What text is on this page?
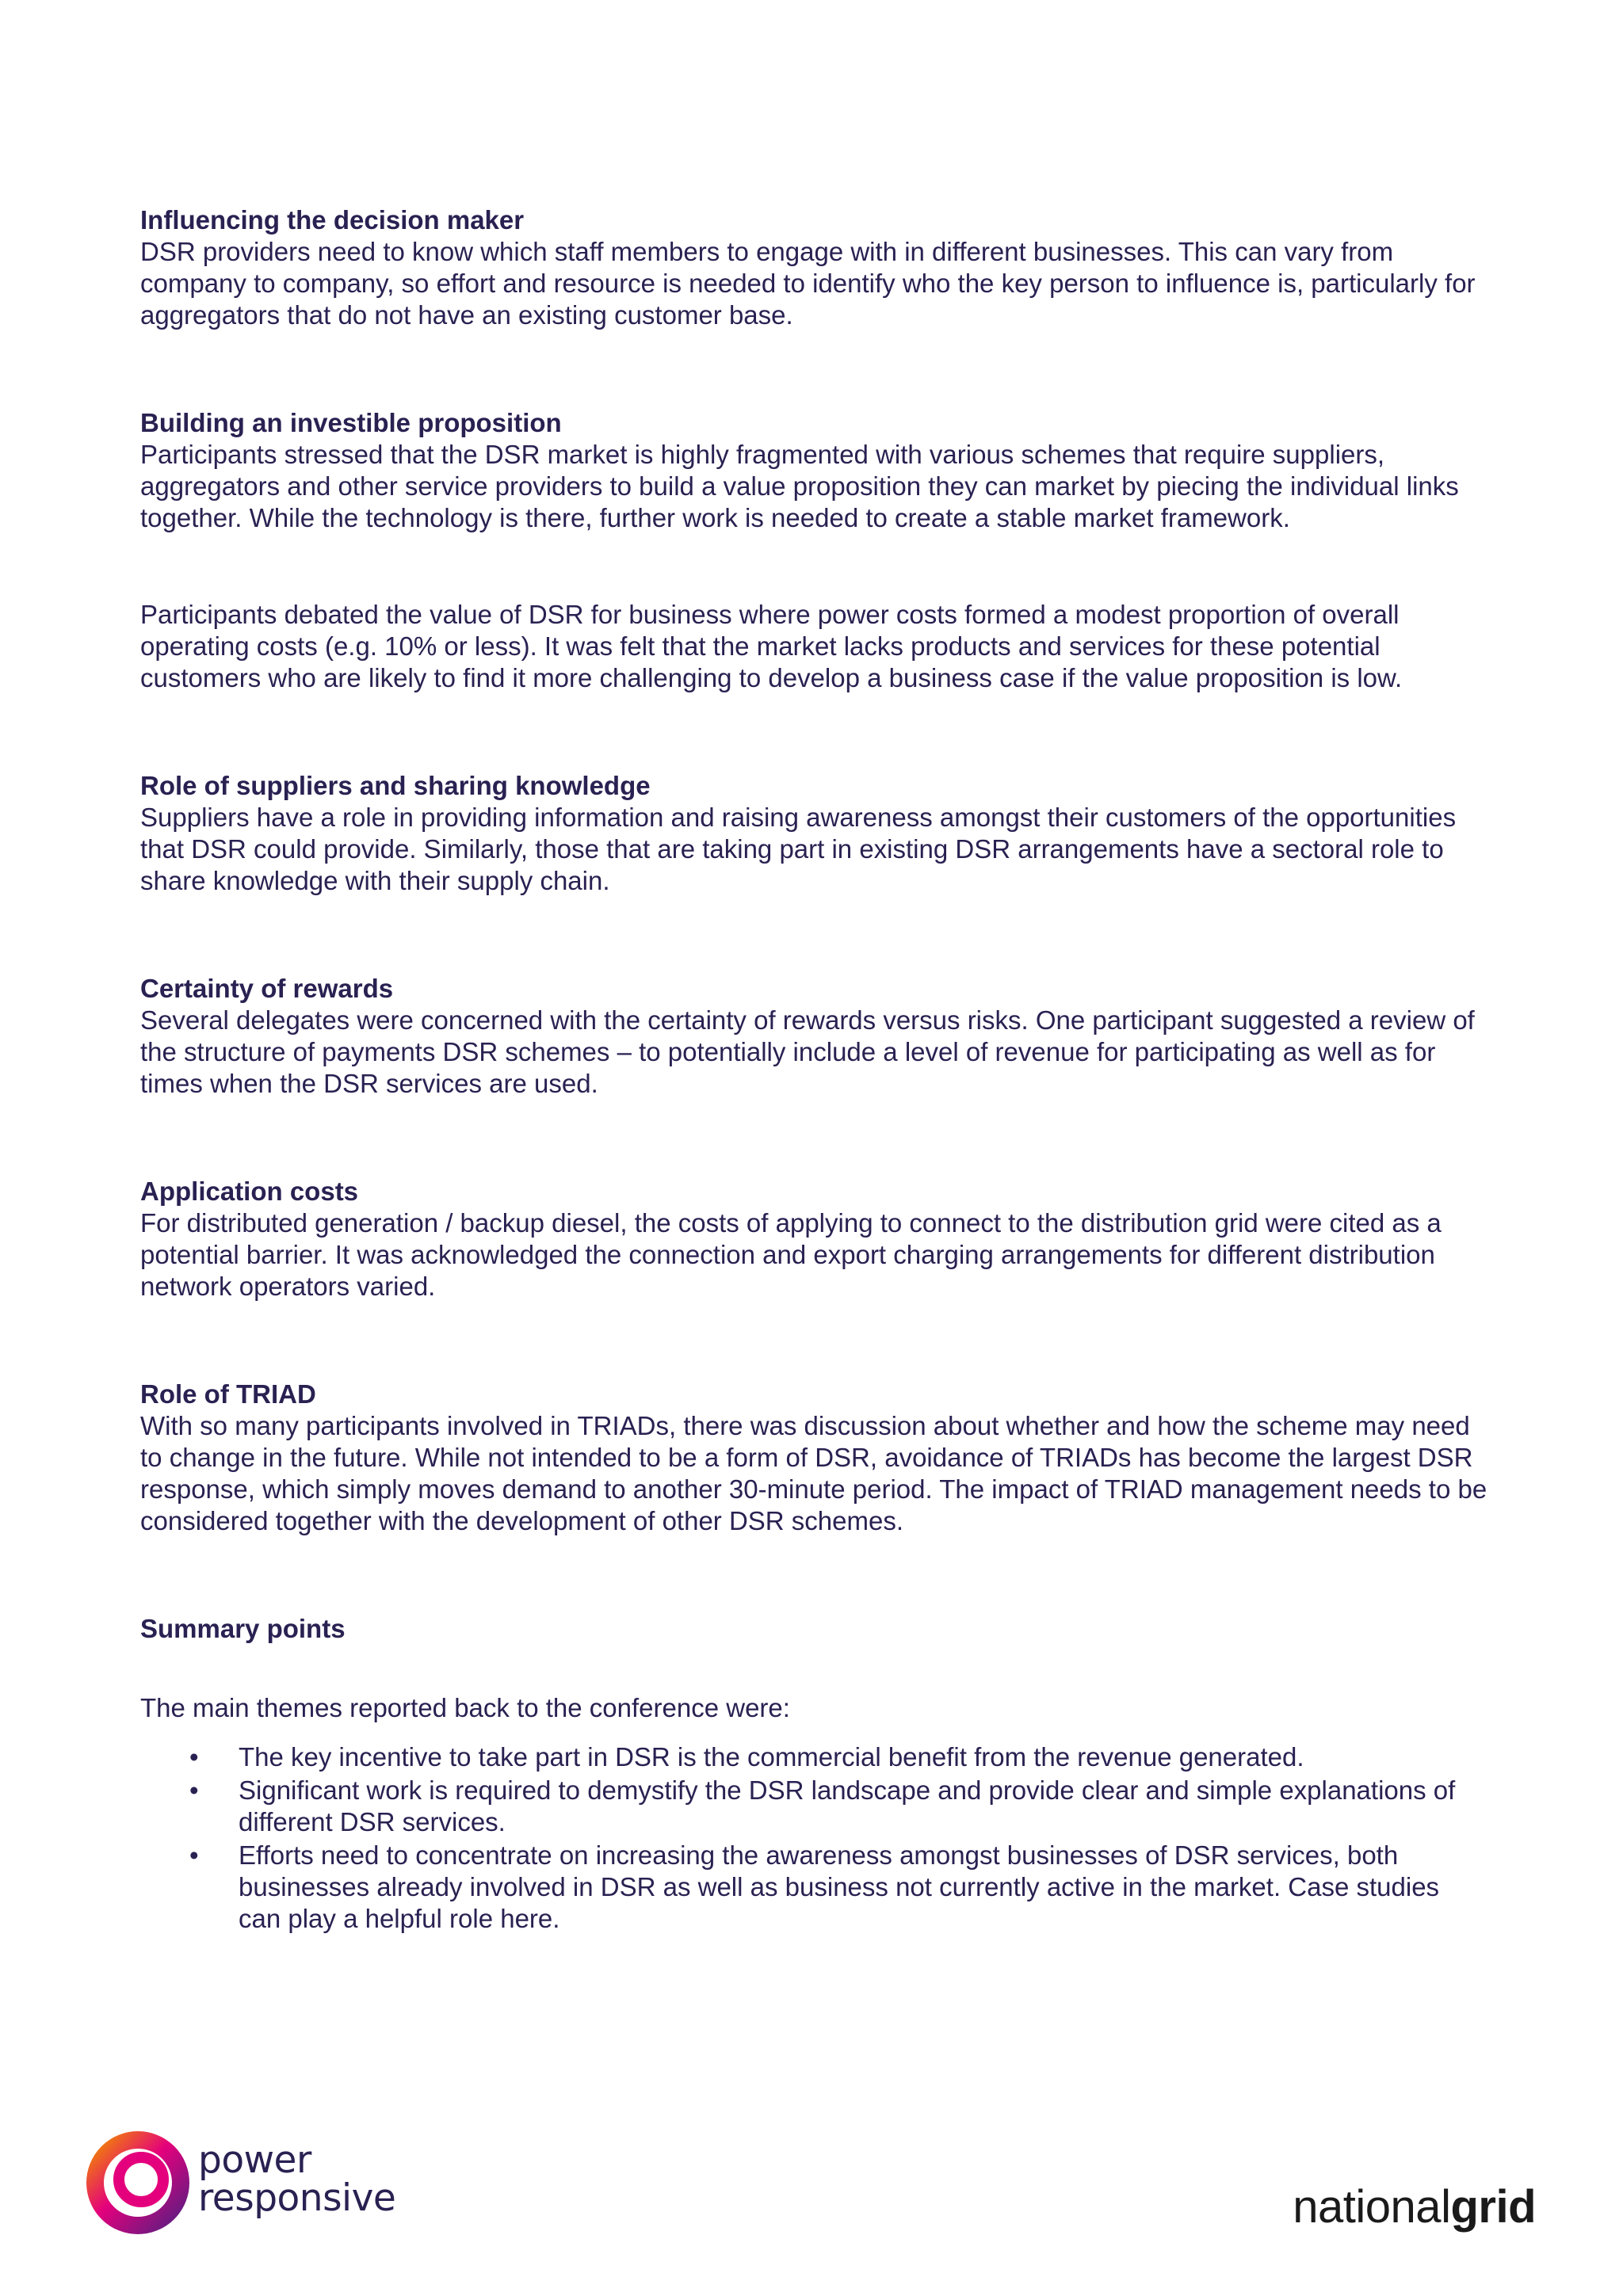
Influencing the decision maker

DSR providers need to know which staff members to engage with in different businesses. This can vary from company to company, so effort and resource is needed to identify who the key person to influence is, particularly for aggregators that do not have an existing customer base.

Building an investible proposition

Participants stressed that the DSR market is highly fragmented with various schemes that require suppliers, aggregators and other service providers to build a value proposition they can market by piecing the individual links together. While the technology is there, further work is needed to create a stable market framework.

Participants debated the value of DSR for business where power costs formed a modest proportion of overall operating costs (e.g. 10% or less). It was felt that the market lacks products and services for these potential customers who are likely to find it more challenging to develop a business case if the value proposition is low.

Role of suppliers and sharing knowledge

Suppliers have a role in providing information and raising awareness amongst their customers of the opportunities that DSR could provide. Similarly, those that are taking part in existing DSR arrangements have a sectoral role to share knowledge with their supply chain.

Certainty of rewards

Several delegates were concerned with the certainty of rewards versus risks. One participant suggested a review of the structure of payments DSR schemes – to potentially include a level of revenue for participating as well as for times when the DSR services are used.

Application costs

For distributed generation / backup diesel, the costs of applying to connect to the distribution grid were cited as a potential barrier. It was acknowledged the connection and export charging arrangements for different distribution network operators varied.

Role of TRIAD

With so many participants involved in TRIADs, there was discussion about whether and how the scheme may need to change in the future. While not intended to be a form of DSR, avoidance of TRIADs has become the largest DSR response, which simply moves demand to another 30-minute period. The impact of TRIAD management needs to be considered together with the development of other DSR schemes.

Summary points

The main themes reported back to the conference were:

• The key incentive to take part in DSR is the commercial benefit from the revenue generated.
• Significant work is required to demystify the DSR landscape and provide clear and simple explanations of different DSR services.
• Efforts need to concentrate on increasing the awareness amongst businesses of DSR services, both businesses already involved in DSR as well as business not currently active in the market. Case studies can play a helpful role here.
power
responsive	nationalgrid
